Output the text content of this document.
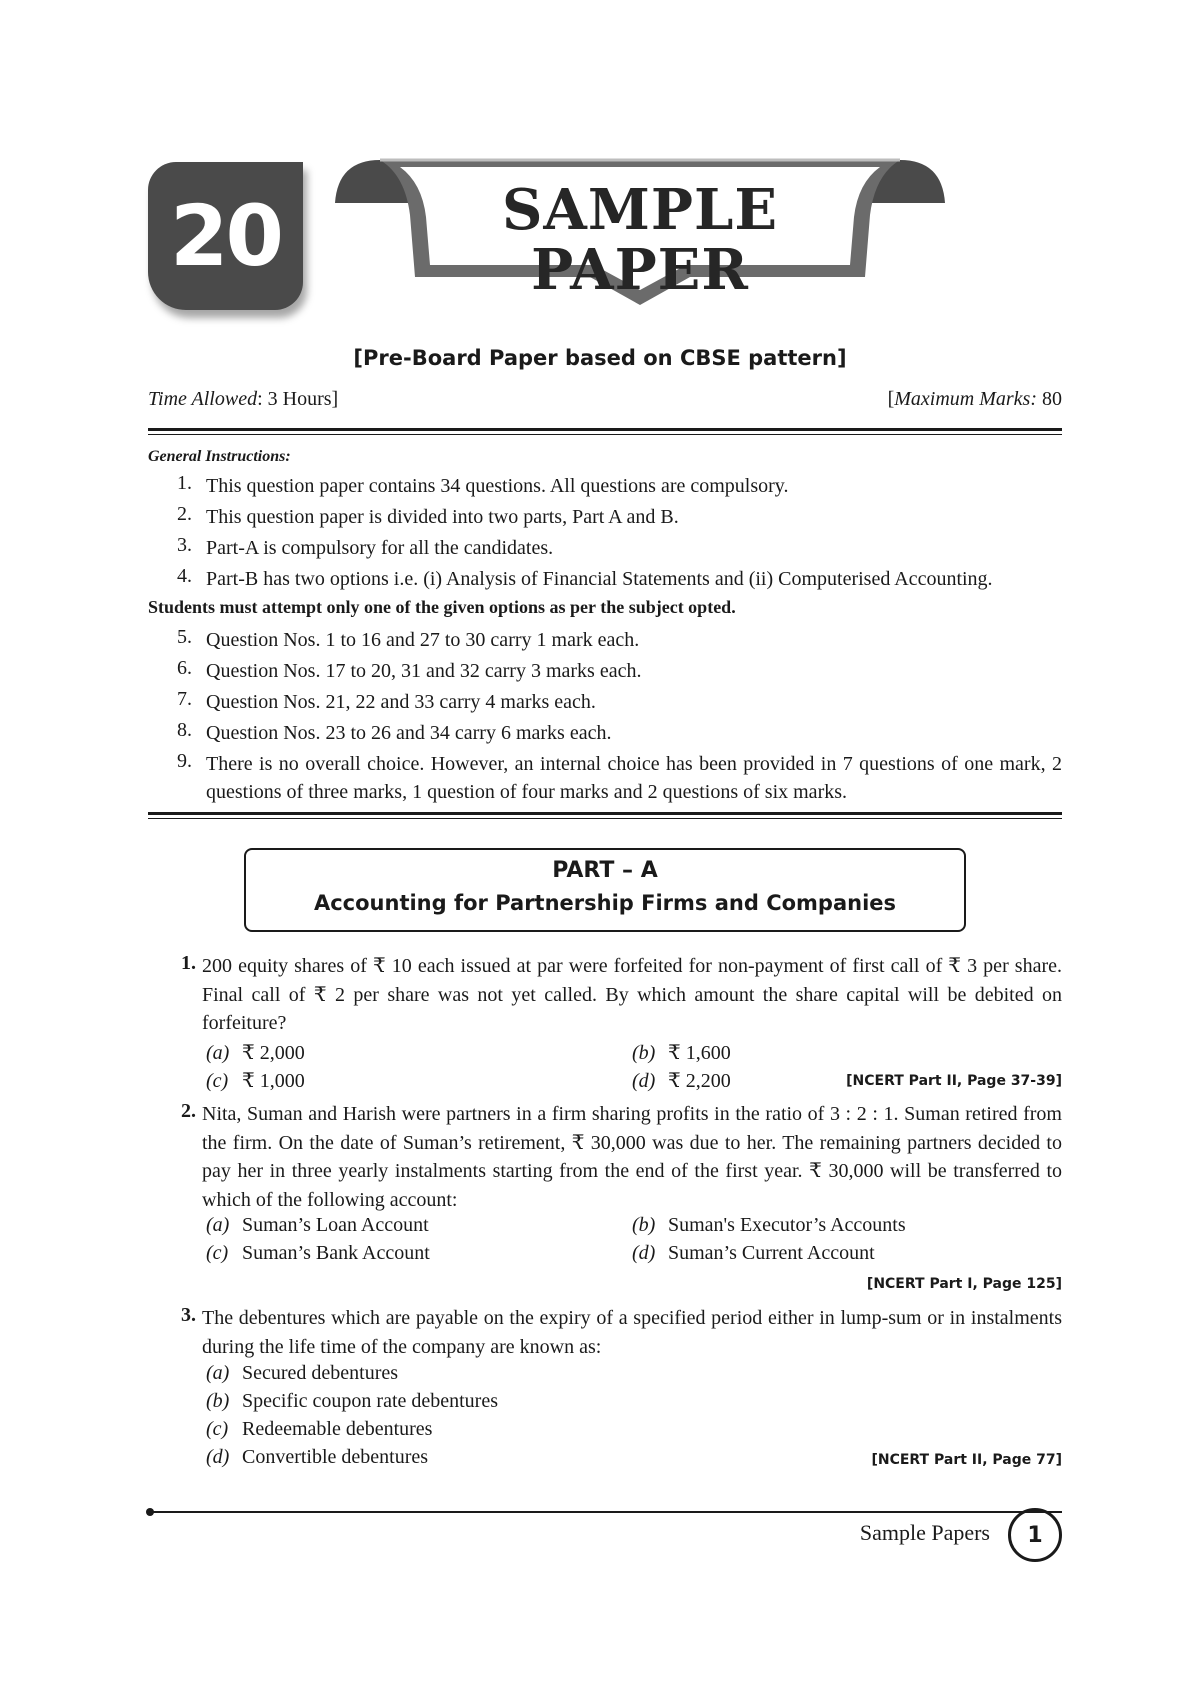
20	SAMPLE
PAPER
[Pre-Board Paper based on CBSE pattern]
Time Allowed: 3 Hours]	[Maximum Marks: 80
General Instructions:
1. This question paper contains 34 questions. All questions are compulsory.
2. This question paper is divided into two parts, Part A and B.
3. Part-A is compulsory for all the candidates.
4. Part-B has two options i.e. (i) Analysis of Financial Statements and (ii) Computerised Accounting.
Students must attempt only one of the given options as per the subject opted.
5. Question Nos. 1 to 16 and 27 to 30 carry 1 mark each.
6. Question Nos. 17 to 20, 31 and 32 carry 3 marks each.
7. Question Nos. 21, 22 and 33 carry 4 marks each.
8. Question Nos. 23 to 26 and 34 carry 6 marks each.
9. There is no overall choice. However, an internal choice has been provided in 7 questions of one mark, 2 questions of three marks, 1 question of four marks and 2 questions of six marks.
PART – A
Accounting for Partnership Firms and Companies
1. 200 equity shares of ₹ 10 each issued at par were forfeited for non-payment of first call of ₹ 3 per share. Final call of ₹ 2 per share was not yet called. By which amount the share capital will be debited on forfeiture?
(a) ₹ 2,000	(b) ₹ 1,600
(c) ₹ 1,000	(d) ₹ 2,200	[NCERT Part II, Page 37-39]
2. Nita, Suman and Harish were partners in a firm sharing profits in the ratio of 3 : 2 : 1. Suman retired from the firm. On the date of Suman’s retirement, ₹ 30,000 was due to her. The remaining partners decided to pay her in three yearly instalments starting from the end of the first year. ₹ 30,000 will be transferred to which of the following account:
(a) Suman’s Loan Account	(b) Suman's Executor’s Accounts
(c) Suman’s Bank Account	(d) Suman’s Current Account
[NCERT Part I, Page 125]
3. The debentures which are payable on the expiry of a specified period either in lump-sum or in instalments during the life time of the company are known as:
(a) Secured debentures
(b) Specific coupon rate debentures
(c) Redeemable debentures
(d) Convertible debentures	[NCERT Part II, Page 77]
Sample Papers 1
